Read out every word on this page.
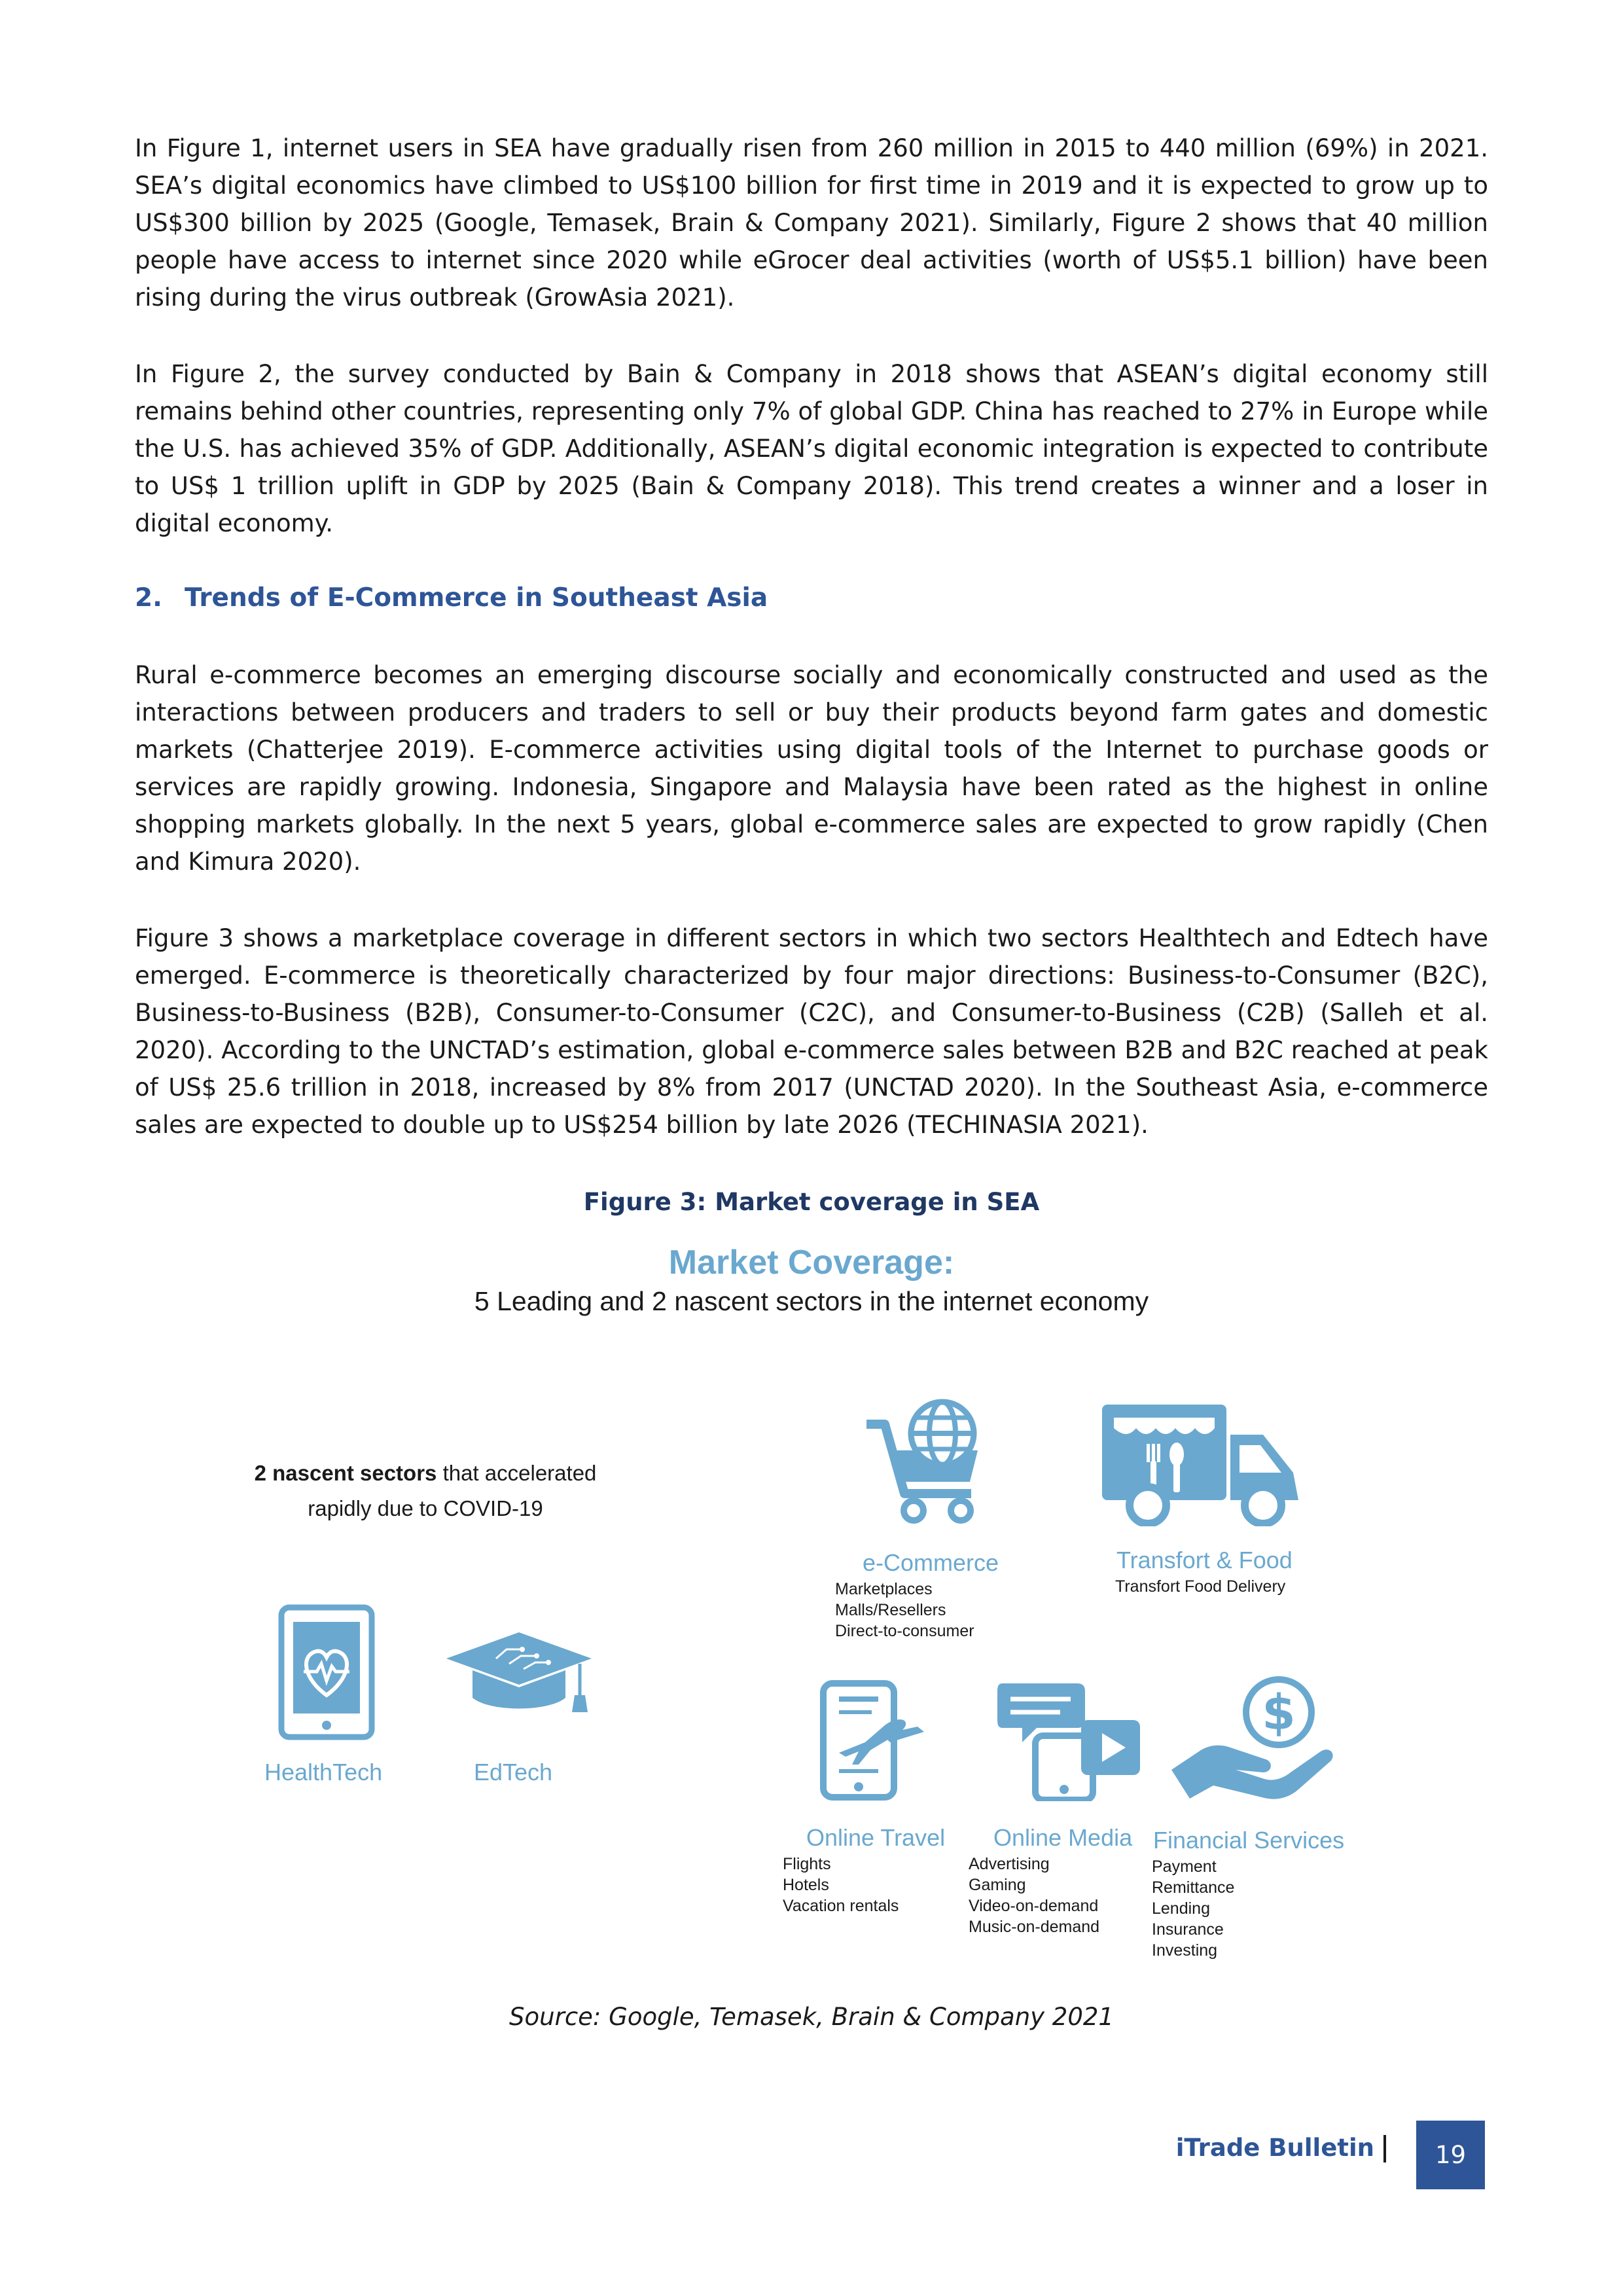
In Figure 1, internet users in SEA have gradually risen from 260 million in 2015 to 440 million (69%) in 2021. SEA’s digital economics have climbed to US$100 billion for first time in 2019 and it is expected to grow up to US$300 billion by 2025 (Google, Temasek, Brain & Company 2021). Similarly, Figure 2 shows that 40 million people have access to internet since 2020 while eGrocer deal activities (worth of US$5.1 billion) have been rising during the virus outbreak (GrowAsia 2021).

In Figure 2, the survey conducted by Bain & Company in 2018 shows that ASEAN’s digital economy still remains behind other countries, representing only 7% of global GDP. China has reached to 27% in Europe while the U.S. has achieved 35% of GDP. Additionally, ASEAN’s digital economic integration is expected to contribute to US$ 1 trillion uplift in GDP by 2025 (Bain & Company 2018). This trend creates a winner and a loser in digital economy.

2. Trends of E-Commerce in Southeast Asia

Rural e-commerce becomes an emerging discourse socially and economically constructed and used as the interactions between producers and traders to sell or buy their products beyond farm gates and domestic markets (Chatterjee 2019). E-commerce activities using digital tools of the Internet to purchase goods or services are rapidly growing. Indonesia, Singapore and Malaysia have been rated as the highest in online shopping markets globally. In the next 5 years, global e-commerce sales are expected to grow rapidly (Chen and Kimura 2020).

Figure 3 shows a marketplace coverage in different sectors in which two sectors Healthtech and Edtech have emerged. E-commerce is theoretically characterized by four major directions: Business-to-Consumer (B2C), Business-to-Business (B2B), Consumer-to-Consumer (C2C), and Consumer-to-Business (C2B) (Salleh et al. 2020). According to the UNCTAD’s estimation, global e-commerce sales between B2B and B2C reached at peak of US$ 25.6 trillion in 2018, increased by 8% from 2017 (UNCTAD 2020). In the Southeast Asia, e-commerce sales are expected to double up to US$254 billion by late 2026 (TECHINASIA 2021).

Figure 3: Market coverage in SEA

Market Coverage:
5 Leading and 2 nascent sectors in the internet economy
2 nascent sectors that accelerated rapidly due to COVID-19
HealthTech	EdTech
e-Commerce
Marketplaces
Malls/Resellers
Direct-to-consumer
Transfort & Food
Transfort Food Delivery
Online Travel
Flights
Hotels
Vacation rentals
Online Media
Advertising
Gaming
Video-on-demand
Music-on-demand
$
Financial Services
Payment
Remittance
Lending
Insurance
Investing

Source: Google, Temasek, Brain & Company 2021

iTrade Bulletin	19
